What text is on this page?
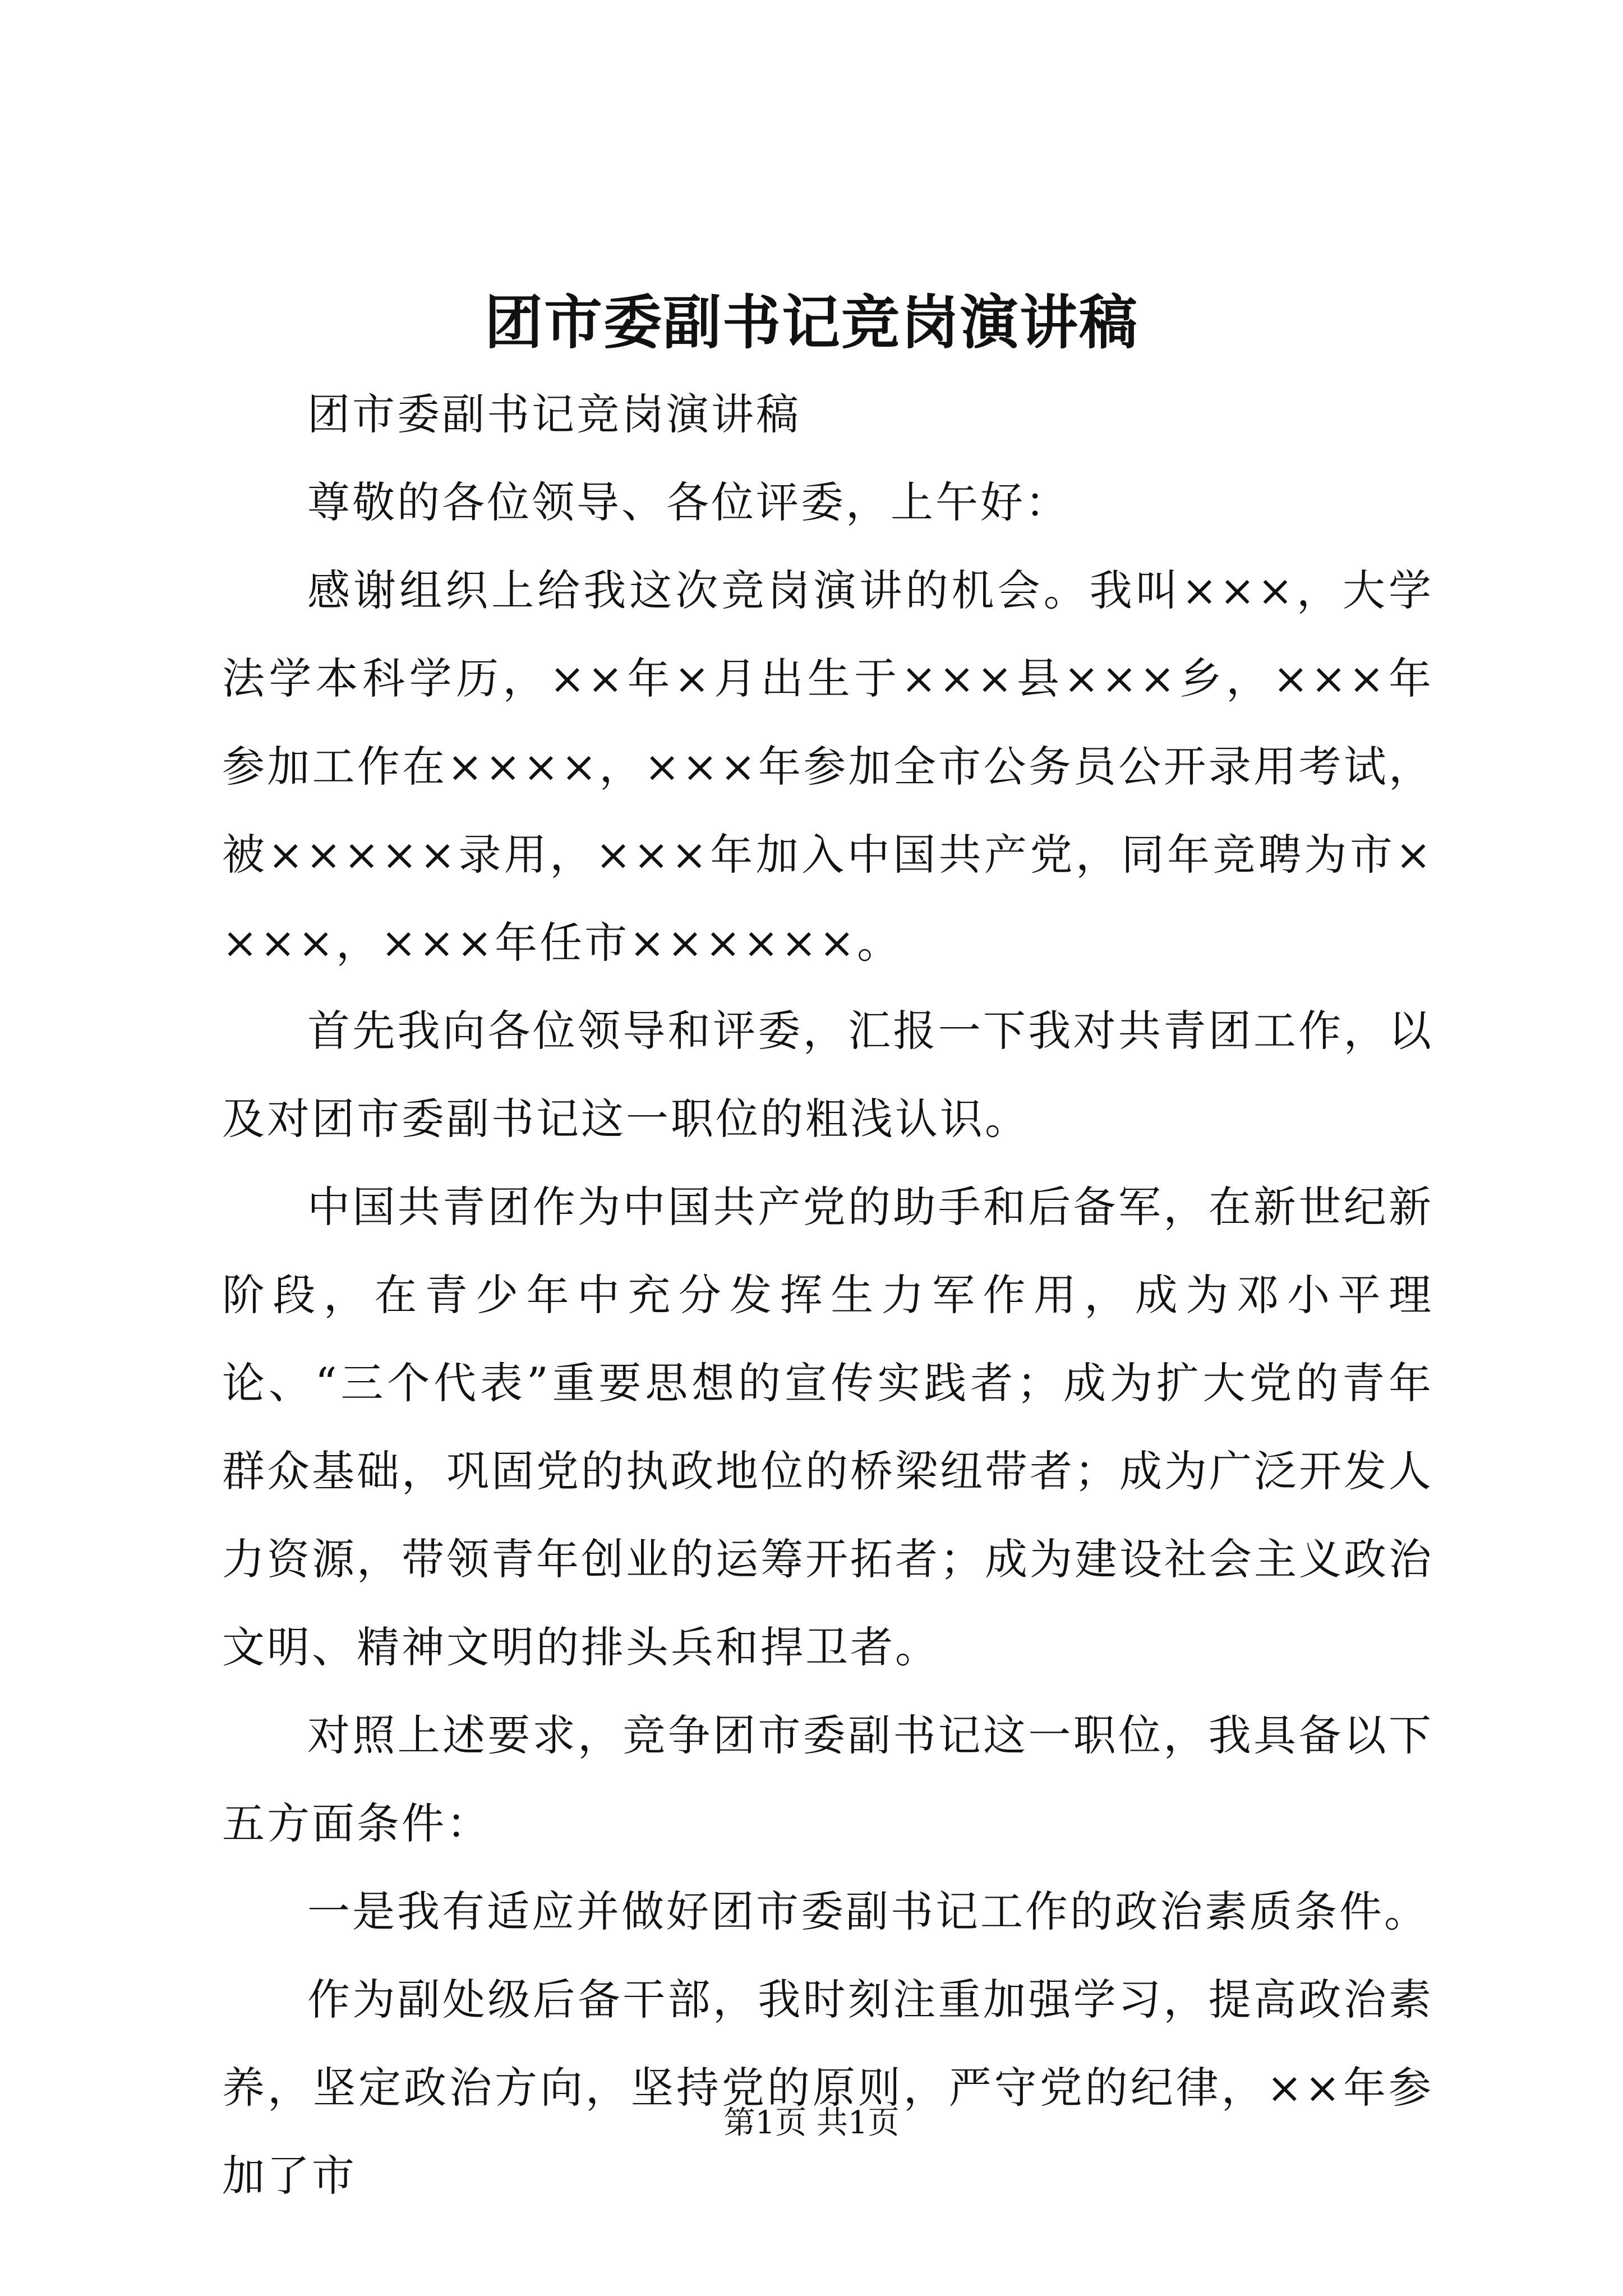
团市委副书记竞岗演讲稿

团市委副书记竞岗演讲稿

尊敬的各位领导、各位评委，上午好：

感谢组织上给我这次竞岗演讲的机会。我叫×××，大学法学本科学历，××年×月出生于×××县×××乡，×××年参加工作在××××，×××年参加全市公务员公开录用考试，被×××××录用，×××年加入中国共产党，同年竞聘为市××××，×××年任市××××××。

首先我向各位领导和评委，汇报一下我对共青团工作，以及对团市委副书记这一职位的粗浅认识。

中国共青团作为中国共产党的助手和后备军，在新世纪新阶段，在青少年中充分发挥生力军作用，成为邓小平理论、“三个代表”重要思想的宣传实践者；成为扩大党的青年群众基础，巩固党的执政地位的桥梁纽带者；成为广泛开发人力资源，带领青年创业的运筹开拓者；成为建设社会主义政治文明、精神文明的排头兵和捍卫者。

对照上述要求，竞争团市委副书记这一职位，我具备以下五方面条件：

一是我有适应并做好团市委副书记工作的政治素质条件。

作为副处级后备干部，我时刻注重加强学习，提高政治素养，坚定政治方向，坚持党的原则，严守党的纪律，××年参加了市

第1页 共1页
